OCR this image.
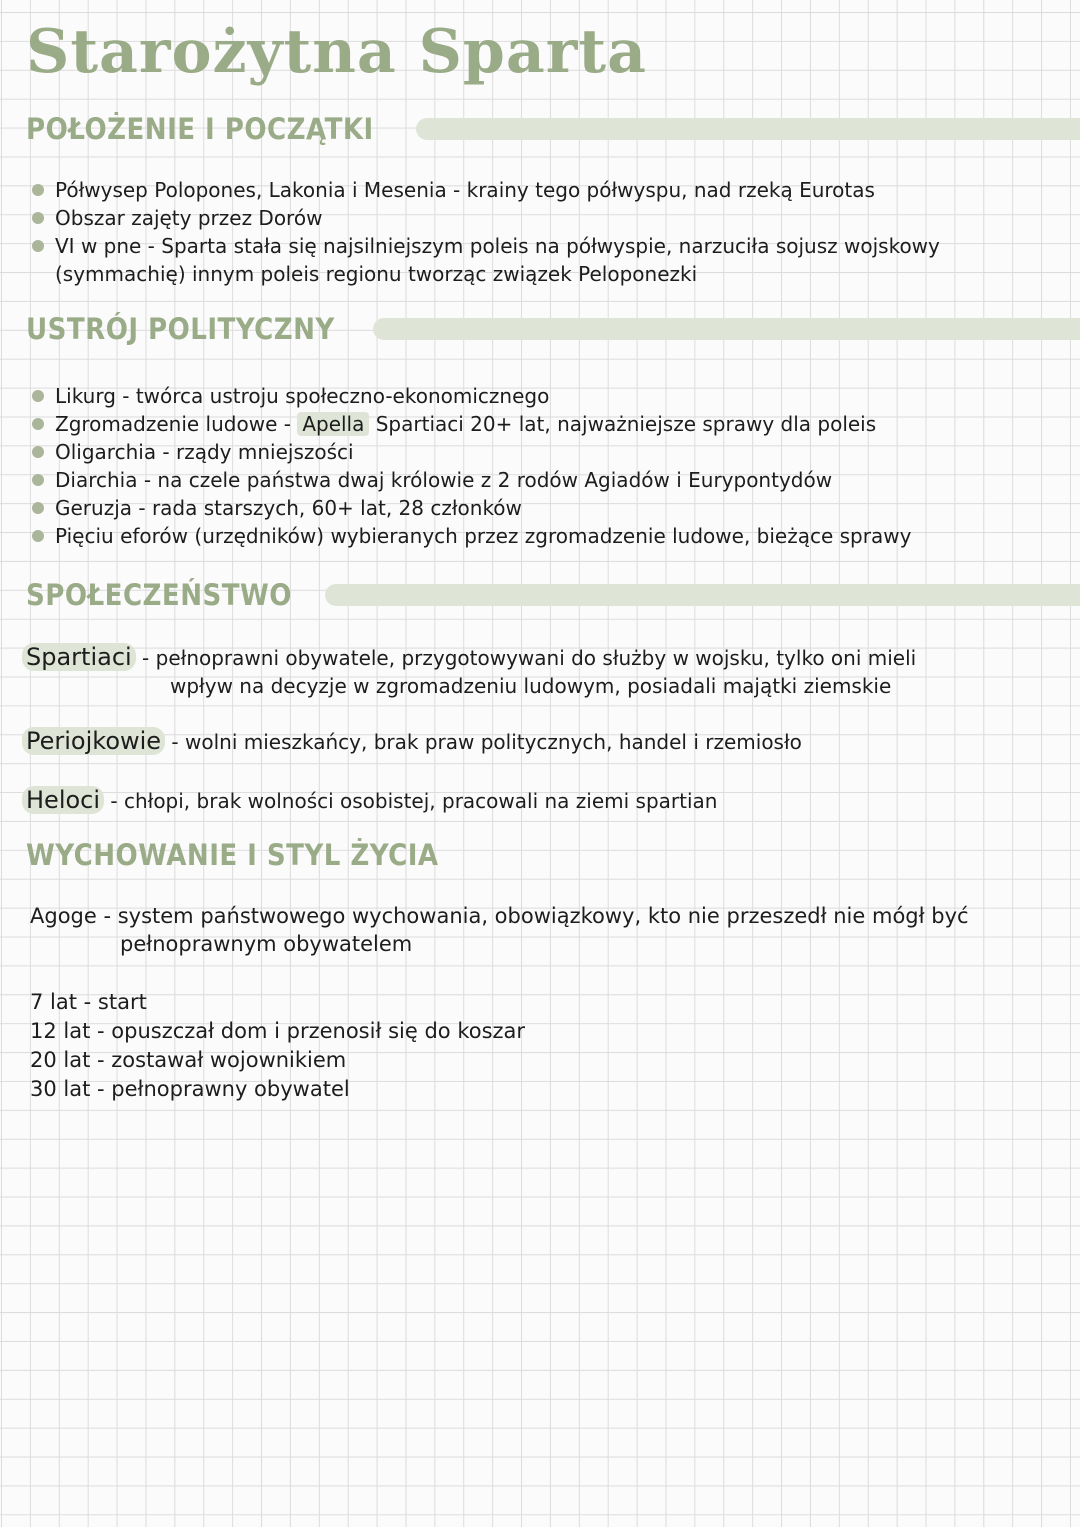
Starożytna Sparta
POŁOŻENIE I POCZĄTKI
Półwysep Polopones, Lakonia i Mesenia - krainy tego półwyspu, nad rzeką Eurotas
Obszar zajęty przez Dorów
VI w pne - Sparta stała się najsilniejszym poleis na półwyspie, narzuciła sojusz wojskowy (symmachię) innym poleis regionu tworząc związek Peloponezki
USTRÓJ POLITYCZNY
Likurg - twórca ustroju społeczno-ekonomicznego
Zgromadzenie ludowe - Apella Spartiaci 20+ lat, najważniejsze sprawy dla poleis
Oligarchia - rządy mniejszości
Diarchia - na czele państwa dwaj królowie z 2 rodów Agiadów i Eurypontydów
Geruzja - rada starszych, 60+ lat, 28 członków
Pięciu eforów (urzędników) wybieranych przez zgromadzenie ludowe, bieżące sprawy
SPOŁECZEŃSTWO
Spartiaci - pełnoprawni obywatele, przygotowywani do służby w wojsku, tylko oni mieli
wpływ na decyzje w zgromadzeniu ludowym, posiadali majątki ziemskie
Periojkowie - wolni mieszkańcy, brak praw politycznych, handel i rzemiosło
Heloci - chłopi, brak wolności osobistej, pracowali na ziemi spartian
WYCHOWANIE I STYL ŻYCIA
Agoge - system państwowego wychowania, obowiązkowy, kto nie przeszedł nie mógł być
pełnoprawnym obywatelem
7 lat - start
12 lat - opuszczał dom i przenosił się do koszar
20 lat - zostawał wojownikiem
30 lat - pełnoprawny obywatel
